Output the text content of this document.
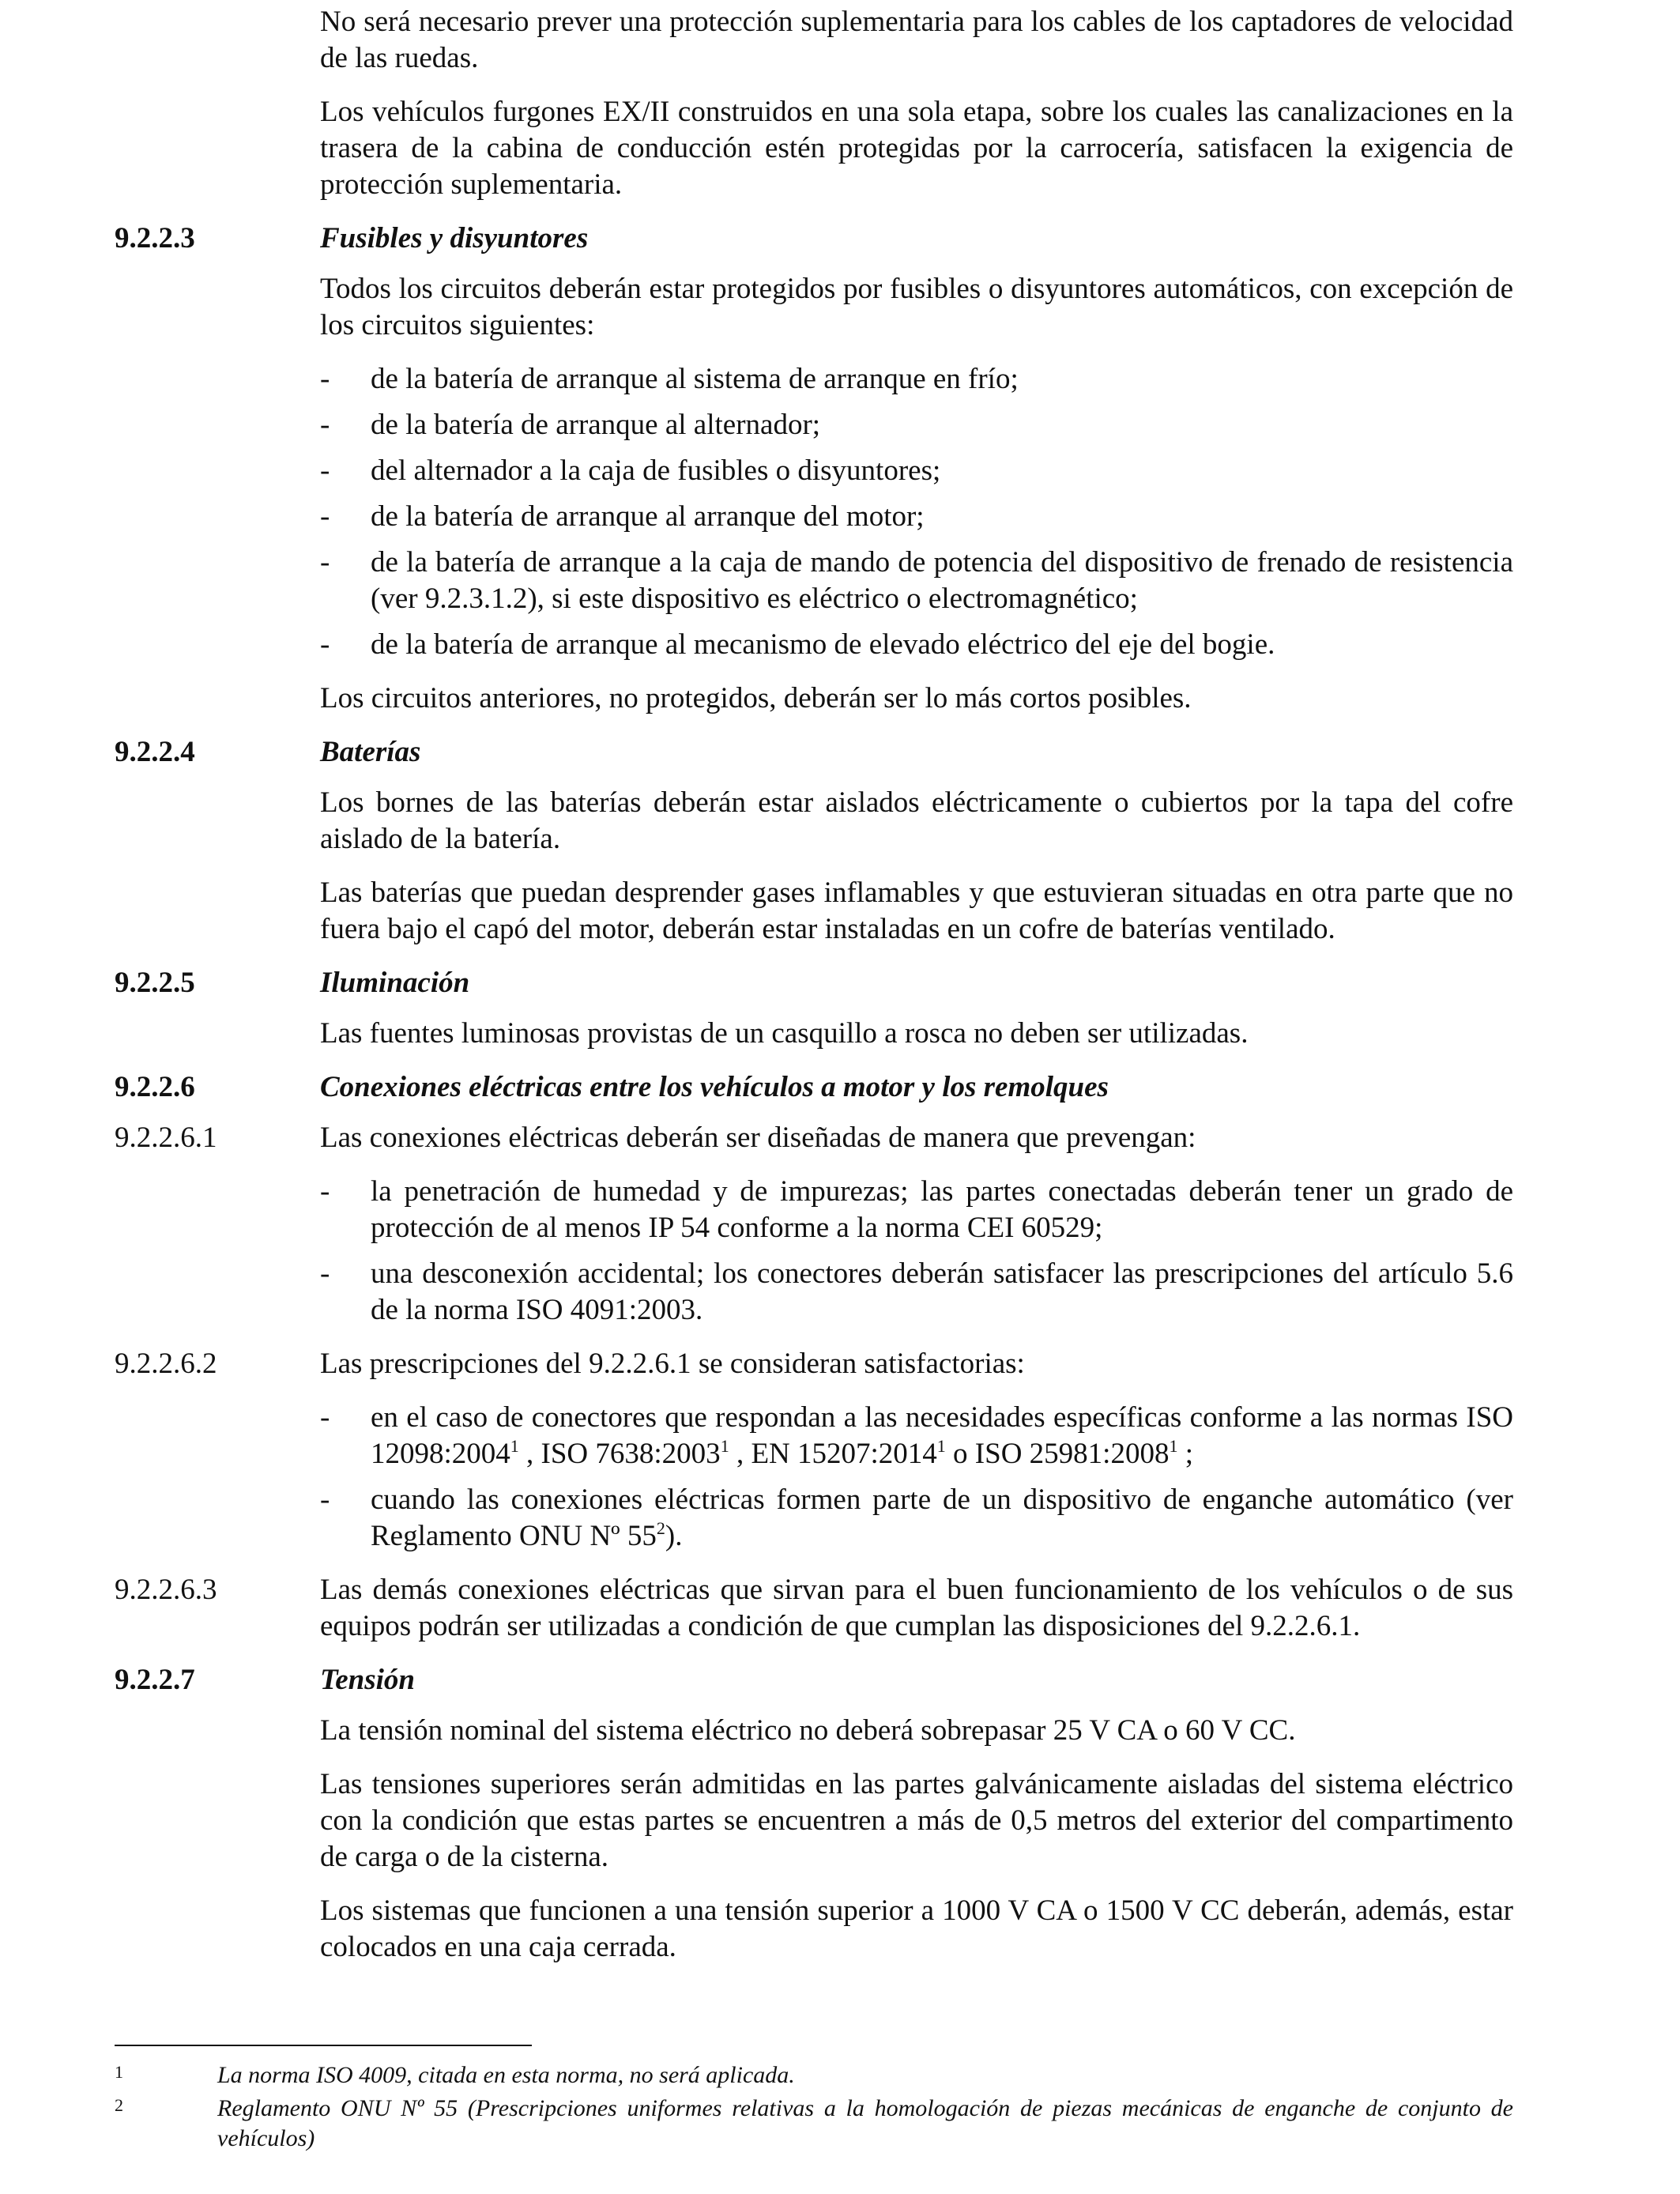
No será necesario prever una protección suplementaria para los cables de los captadores de velocidad de las ruedas.
Los vehículos furgones EX/II construidos en una sola etapa, sobre los cuales las canalizaciones en la trasera de la cabina de conducción estén protegidas por la carrocería, satisfacen la exigencia de protección suplementaria.
9.2.2.3	Fusibles y disyuntores
Todos los circuitos deberán estar protegidos por fusibles o disyuntores automáticos, con excepción de los circuitos siguientes:
-	de la batería de arranque al sistema de arranque en frío;
-	de la batería de arranque al alternador;
-	del alternador a la caja de fusibles o disyuntores;
-	de la batería de arranque al arranque del motor;
-	de la batería de arranque a la caja de mando de potencia del dispositivo de frenado de resistencia (ver 9.2.3.1.2), si este dispositivo es eléctrico o electromagnético;
-	de la batería de arranque al mecanismo de elevado eléctrico del eje del bogie.
Los circuitos anteriores, no protegidos, deberán ser lo más cortos posibles.
9.2.2.4	Baterías
Los bornes de las baterías deberán estar aislados eléctricamente o cubiertos por la tapa del cofre aislado de la batería.
Las baterías que puedan desprender gases inflamables y que estuvieran situadas en otra parte que no fuera bajo el capó del motor, deberán estar instaladas en un cofre de baterías ventilado.
9.2.2.5	Iluminación
Las fuentes luminosas provistas de un casquillo a rosca no deben ser utilizadas.
9.2.2.6	Conexiones eléctricas entre los vehículos a motor y los remolques
9.2.2.6.1	Las conexiones eléctricas deberán ser diseñadas de manera que prevengan:
-	la penetración de humedad y de impurezas; las partes conectadas deberán tener un grado de protección de al menos IP 54 conforme a la norma CEI 60529;
-	una desconexión accidental; los conectores deberán satisfacer las prescripciones del artículo 5.6 de la norma ISO 4091:2003.
9.2.2.6.2	Las prescripciones del 9.2.2.6.1 se consideran satisfactorias:
-	en el caso de conectores que respondan a las necesidades específicas conforme a las normas ISO 12098:2004$^1$ , ISO 7638:2003$^1$ , EN 15207:2014$^1$ o ISO 25981:2008$^1$ ;
-	cuando las conexiones eléctricas formen parte de un dispositivo de enganche automático (ver Reglamento ONU Nº $55^2$).
9.2.2.6.3	Las demás conexiones eléctricas que sirvan para el buen funcionamiento de los vehículos o de sus equipos podrán ser utilizadas a condición de que cumplan las disposiciones del 9.2.2.6.1.
9.2.2.7	Tensión
La tensión nominal del sistema eléctrico no deberá sobrepasar 25 V CA o 60 V CC.
Las tensiones superiores serán admitidas en las partes galvánicamente aisladas del sistema eléctrico con la condición que estas partes se encuentren a más de 0,5 metros del exterior del compartimento de carga o de la cisterna.
Los sistemas que funcionen a una tensión superior a 1000 V CA o 1500 V CC deberán, además, estar colocados en una caja cerrada.
1	La norma ISO 4009, citada en esta norma, no será aplicada.
2	Reglamento ONU Nº 55 (Prescripciones uniformes relativas a la homologación de piezas mecánicas de enganche de conjunto de vehículos)
